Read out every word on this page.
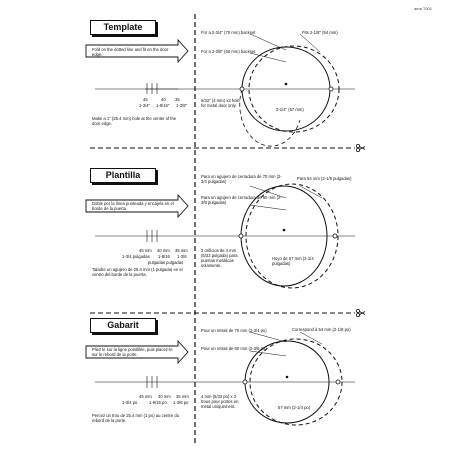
ama T001
Template
Fold on the dotted line and fit on the door edge.
For a 2-3/4" (70 mm) backset
For a 2-3/8" (60 mm) backset
Fits 2-1/8" (54 mm)
5/32" (4 mm) x2 hole for metal door only.
2-1/4" (57 mm)
45	40 35
1-3/4" 1-9/16" 1-3/8"
Make a 1" (25.4 mm) hole at the center of the door edge.
Plantilla
Doble por la línea punteada y encájela en el borde de la puerta.
Para un agujero de cerradura de 70 mm (2-3/4 pulgadas)
Para un agujero de cerradura de 60 mm (2-3/8 pulgadas)
Para 54 mm (2-1/8 pulgadas)
2 orificios de 4 mm (5/32 pulgada) para puertas metálicas solamente.
Hoyo de 57 mm (2-1/4 pulgadas)
45 mm 40 mm 35 mm
1-3/4 pulgadas 1-9/16 1-3/8
pulgadas pulgadas
Taladre un agujero de 25.4 mm (1 pulgada) en el centro del borde de la puerta.
Gabarit
Pliez le sur la ligne pointillée, puis placez-le sur le rebord de la porte.
Pour un retrait de 70 mm (2-3/4 po)
Pour un retrait de 60 mm (2-3/8 po)
Correspond à 54 mm (2-1/8 po)
4 mm (5/32 po) x 2 trous pour portes en métal uniquement.	57 mm (2-1/4 po)
45 mm 40 mm 35 mm
1-3/4 po	1-9/16 po 1-3/8 po
Percez un trou de 25,4 mm (1 po) au centre du rebord de la porte.
